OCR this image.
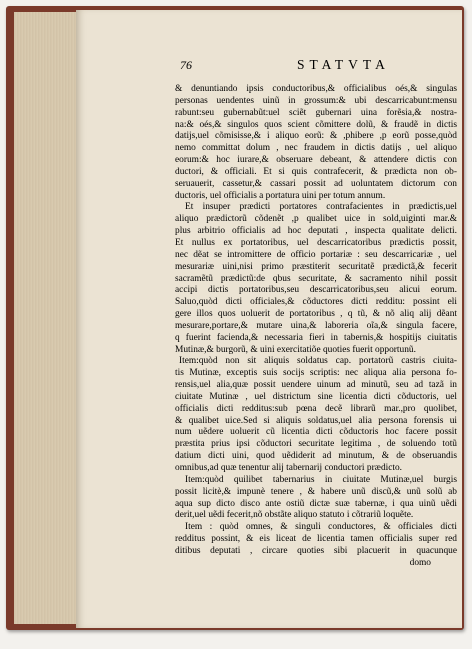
76	STATVTA
& denuntiando ipsis conductoribus,& officialibus oés,& singulas
personas uendentes uinũ in grossum:& ubi descarricabunt:mensu
rabunt:seu gubernabũt:uel sciẽt gubernari uina forẽsia,& nostra-
na:& oés,& singulos quos scient cõmittere dolũ, & fraudẽ in dictis
datijs,uel cõmisisse,& i aliquo eorũ: & ,phibere ,p eorũ posse,quòd
nemo committat dolum , nec fraudem in dictis datijs , uel aliquo
eorum:& hoc iurare,& obseruare debeant, & attendere dictis con
ductori, & officiali. Et si quis contrafecerit, & prædicta non ob-
seruauerit, cassetur,& cassari possit ad uoluntatem dictorum con
ductoris, uel officialis a portatura uini per totum annum.
Et insuper prædicti portatores contrafacientes in prædictis,uel
aliquo prædictorũ cõdenẽt ,p qualibet uice in sold,uiginti mar.&
plus arbitrio officialis ad hoc deputati , inspecta qualitate delicti.
Et nullus ex portatoribus, uel descarricatoribus prædictis possit,
nec dẽat se intromittere de officio portariæ : seu descarricariæ , uel
mesurariæ uini,nisi primo præstiterit securitatẽ prædictã,& fecerit
sacramẽtũ prædictũ:de qbus securitate, & sacramento nihil possit
accipi dictis portatoribus,seu descarricatoribus,seu alicui eorum.
Saluo,quòd dicti officiales,& cõductores dicti redditu: possint eli
gere illos quos uoluerit de portatoribus , q tũ, & nõ aliq alij dẽant
mesurare,portare,& mutare uina,& laboreria oĩa,& singula facere,
q fuerint facienda,& necessaria fieri in tabernis,& hospitijs ciuitatis
Mutinæ,& burgorũ, & uini exercitatiõe quoties fuerit opportunũ.
Item:quòd non sit aliquis soldatus cap. portatorũ castris ciuita-
tis Mutinæ, exceptis suis socijs scriptis: nec aliqua alia persona fo-
rensis,uel alia,quæ possit uendere uinum ad minutũ, seu ad tazã in
ciuitate Mutinæ , uel districtum sine licentia dicti cõductoris, uel
officialis dicti redditus:sub pœna decẽ librarũ mar.,pro quolibet,
& qualibet uice.Sed si aliquis soldatus,uel alia persona forensis ui
num uẽdere uoluerit cũ licentia dicti cõductoris hoc facere possit
præstita prius ipsi cõductori securitate legitima , de soluendo totũ
datium dicti uini, quod uẽdiderit ad minutum, & de obseruandis
omnibus,ad quæ tenentur alij tabernarij conductori prædicto.
Item:quòd quilibet tabernarius in ciuitate Mutinæ,uel burgis
possit licitè,& impunè tenere , & habere unũ discũ,& unũ solũ ab
aqua sup dicto disco ante ostiũ dictæ suæ tabernæ, i qua uinũ uẽdi
derit,uel uẽdi fecerit,nõ obstãte aliquo statuto i cõtrariũ loquẽte.
Item : quòd omnes, & singuli conductores, & officiales dicti
redditus possint, & eis liceat de licentia tamen officialis super red
ditibus deputati , circare quoties sibi placuerit in quacunque
domo
